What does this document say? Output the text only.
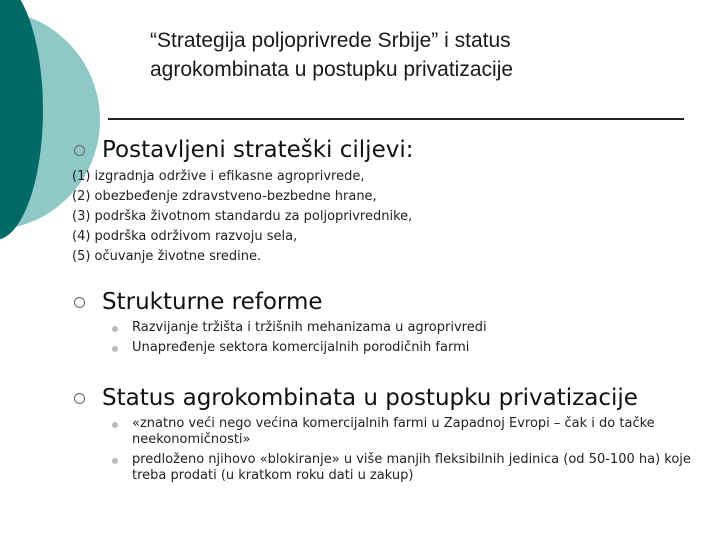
“Strategija poljoprivrede Srbije” i status
agrokombinata u postupku privatizacije
Postavljeni strateški ciljevi:
(1) izgradnja održive i efikasne agroprivrede,
(2) obezbeđenje zdravstveno-bezbedne hrane,
(3) podrška životnom standardu za poljoprivrednike,
(4) podrška održivom razvoju sela,
(5) očuvanje životne sredine.
Strukturne reforme
Razvijanje tržišta i tržišnih mehanizama u agroprivredi
Unapređenje sektora komercijalnih porodičnih farmi
Status agrokombinata u postupku privatizacije
«znatno veći nego većina komercijalnih farmi u Zapadnoj Evropi – čak i do tačke neekonomičnosti»
predloženo njihovo «blokiranje» u više manjih fleksibilnih jedinica (od 50-100 ha) koje treba prodati (u kratkom roku dati u zakup)
